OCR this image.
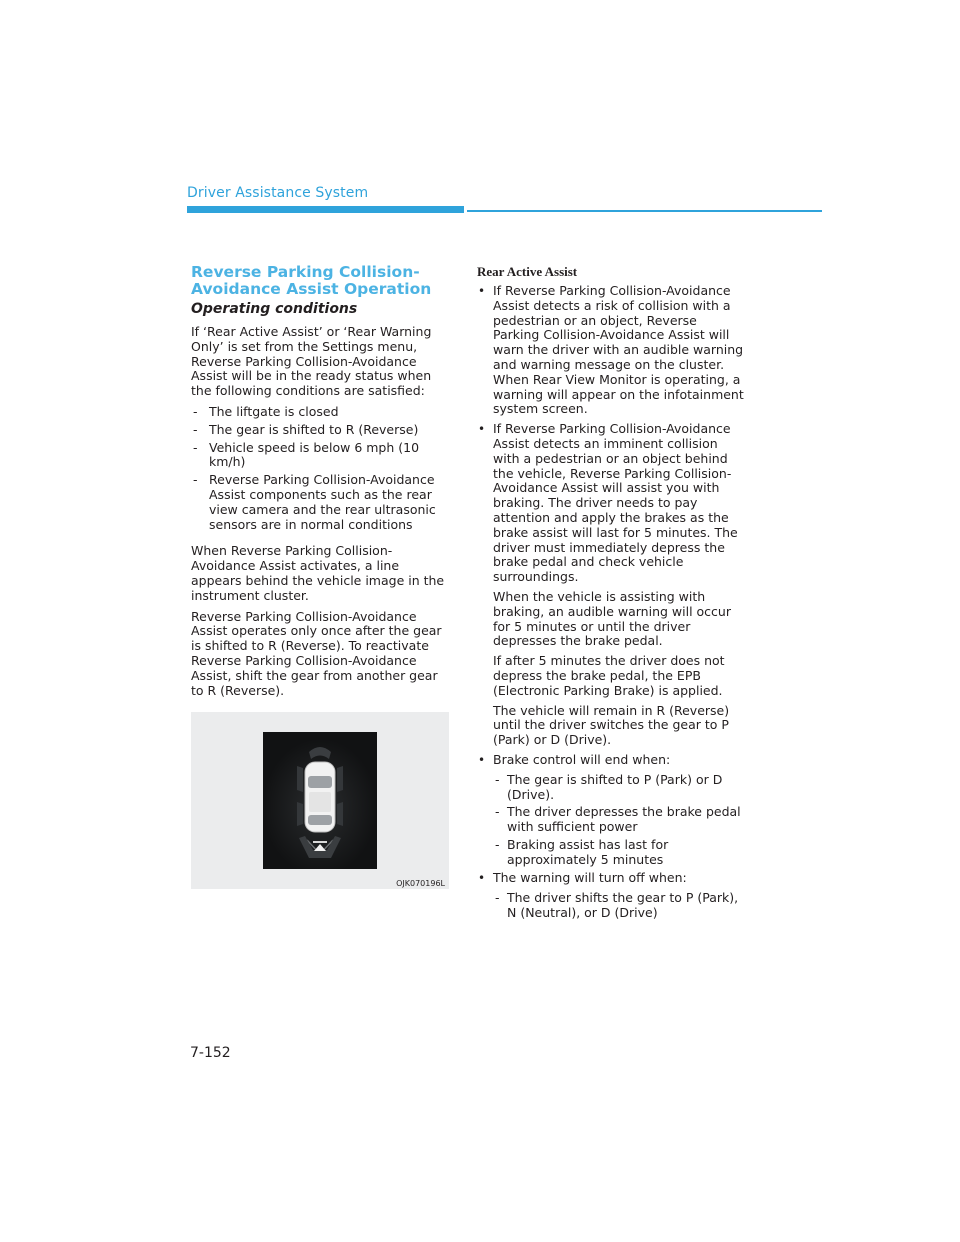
Driver Assistance System
Reverse Parking Collision-Avoidance Assist Operation
Operating conditions

If ‘Rear Active Assist’ or ‘Rear Warning Only’ is set from the Settings menu, Reverse Parking Collision-Avoidance Assist will be in the ready status when the following conditions are satisfied:

- The liftgate is closed
- The gear is shifted to R (Reverse)
- Vehicle speed is below 6 mph (10 km/h)
- Reverse Parking Collision-Avoidance Assist components such as the rear view camera and the rear ultrasonic sensors are in normal conditions

When Reverse Parking Collision-Avoidance Assist activates, a line appears behind the vehicle image in the instrument cluster.

Reverse Parking Collision-Avoidance Assist operates only once after the gear is shifted to R (Reverse). To reactivate Reverse Parking Collision-Avoidance Assist, shift the gear from another gear to R (Reverse).

OJK070196L
Rear Active Assist

• If Reverse Parking Collision-Avoidance Assist detects a risk of collision with a pedestrian or an object, Reverse Parking Collision-Avoidance Assist will warn the driver with an audible warning and warning message on the cluster. When Rear View Monitor is operating, a warning will appear on the infotainment system screen.

• If Reverse Parking Collision-Avoidance Assist detects an imminent collision with a pedestrian or an object behind the vehicle, Reverse Parking Collision-Avoidance Assist will assist you with braking. The driver needs to pay attention and apply the brakes as the brake assist will last for 5 minutes. The driver must immediately depress the brake pedal and check vehicle surroundings.

When the vehicle is assisting with braking, an audible warning will occur for 5 minutes or until the driver depresses the brake pedal.

If after 5 minutes the driver does not depress the brake pedal, the EPB (Electronic Parking Brake) is applied.

The vehicle will remain in R (Reverse) until the driver switches the gear to P (Park) or D (Drive).

• Brake control will end when:

- The gear is shifted to P (Park) or D (Drive).
- The driver depresses the brake pedal with sufficient power
- Braking assist has last for approximately 5 minutes

• The warning will turn off when:

- The driver shifts the gear to P (Park), N (Neutral), or D (Drive)
7-152
